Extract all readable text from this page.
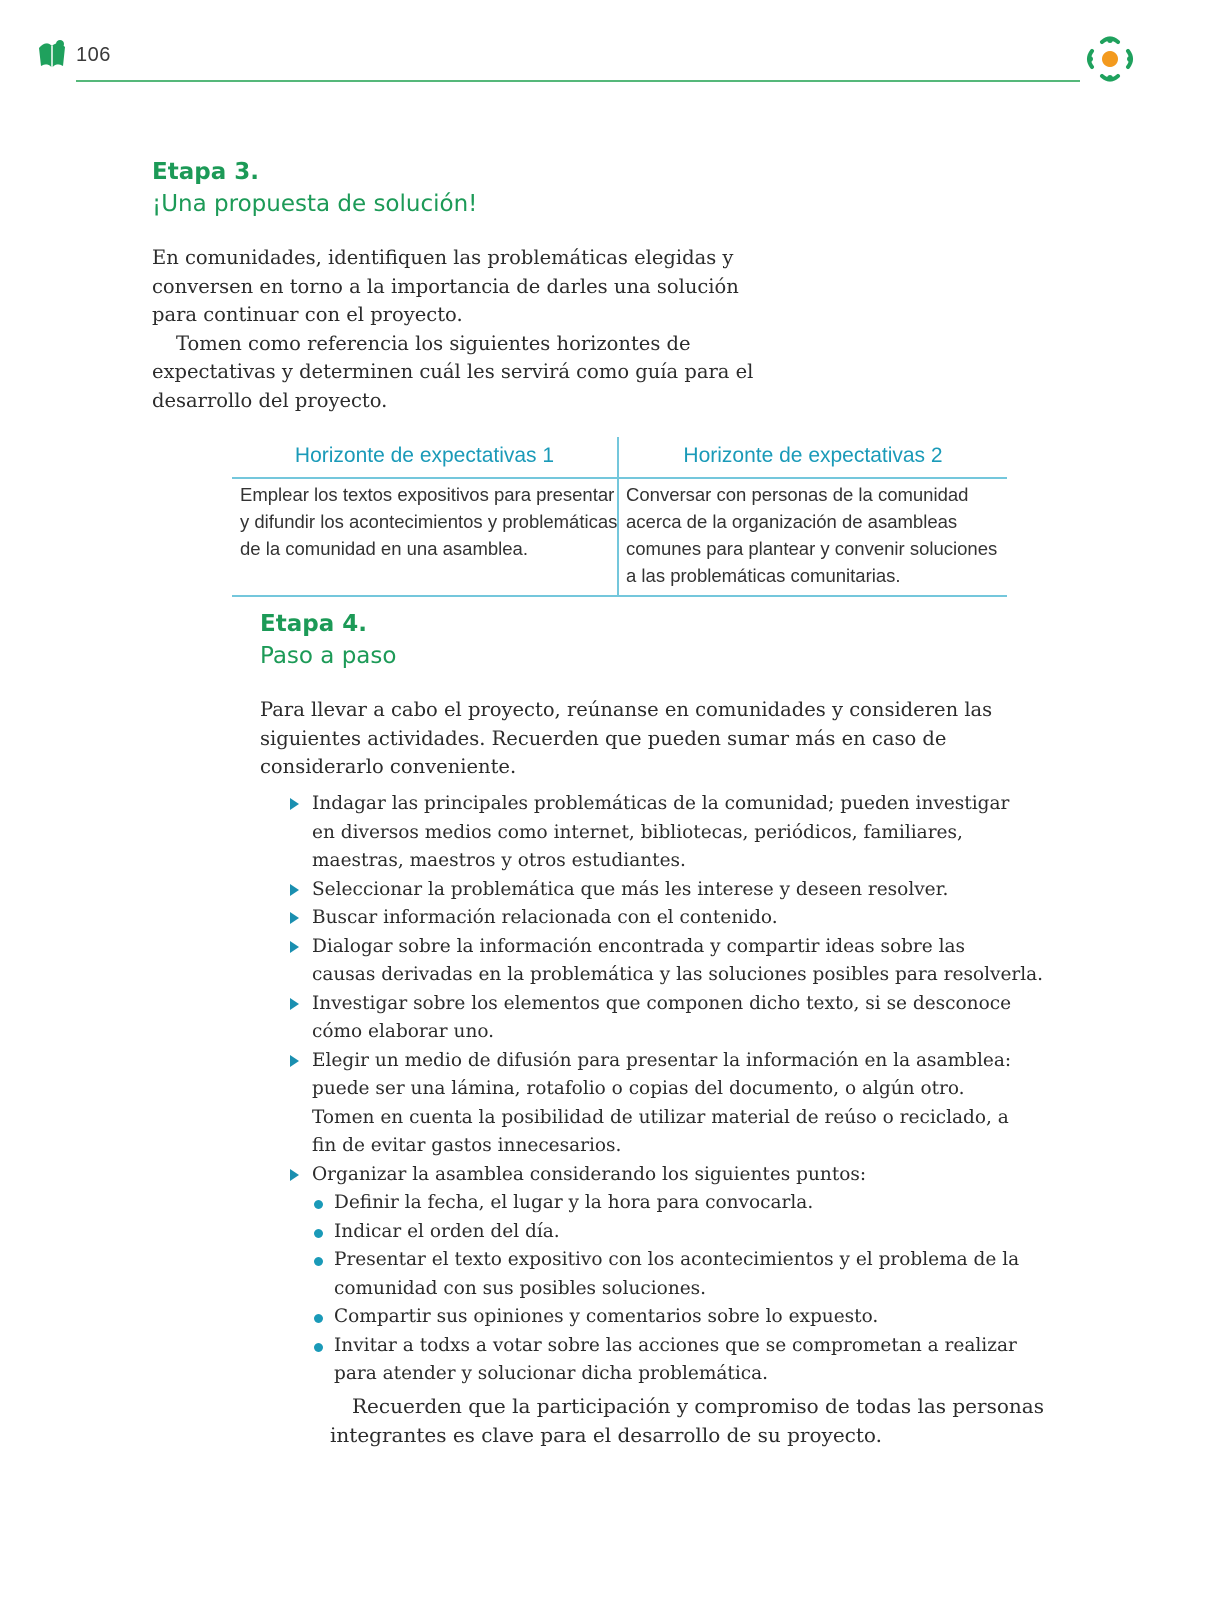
106
Etapa 3.
¡Una propuesta de solución!
En comunidades, identifiquen las problemáticas elegidas y
conversen en torno a la importancia de darles una solución
para continuar con el proyecto.
Tomen como referencia los siguientes horizontes de
expectativas y determinen cuál les servirá como guía para el
desarrollo del proyecto.
Horizonte de expectativas 1	Horizonte de expectativas 2
Emplear los textos expositivos para presentar
y difundir los acontecimientos y problemáticas
de la comunidad en una asamblea.
Conversar con personas de la comunidad
acerca de la organización de asambleas
comunes para plantear y convenir soluciones
a las problemáticas comunitarias.
Etapa 4.
Paso a paso
Para llevar a cabo el proyecto, reúnanse en comunidades y consideren las
siguientes actividades. Recuerden que pueden sumar más en caso de
considerarlo conveniente.
Indagar las principales problemáticas de la comunidad; pueden investigar
en diversos medios como internet, bibliotecas, periódicos, familiares,
maestras, maestros y otros estudiantes.
Seleccionar la problemática que más les interese y deseen resolver.
Buscar información relacionada con el contenido.
Dialogar sobre la información encontrada y compartir ideas sobre las
causas derivadas en la problemática y las soluciones posibles para resolverla.
Investigar sobre los elementos que componen dicho texto, si se desconoce
cómo elaborar uno.
Elegir un medio de difusión para presentar la información en la asamblea:
puede ser una lámina, rotafolio o copias del documento, o algún otro.
Tomen en cuenta la posibilidad de utilizar material de reúso o reciclado, a
fin de evitar gastos innecesarios.
Organizar la asamblea considerando los siguientes puntos:
Definir la fecha, el lugar y la hora para convocarla.
Indicar el orden del día.
Presentar el texto expositivo con los acontecimientos y el problema de la
comunidad con sus posibles soluciones.
Compartir sus opiniones y comentarios sobre lo expuesto.
Invitar a todxs a votar sobre las acciones que se comprometan a realizar
para atender y solucionar dicha problemática.
Recuerden que la participación y compromiso de todas las personas
integrantes es clave para el desarrollo de su proyecto.
